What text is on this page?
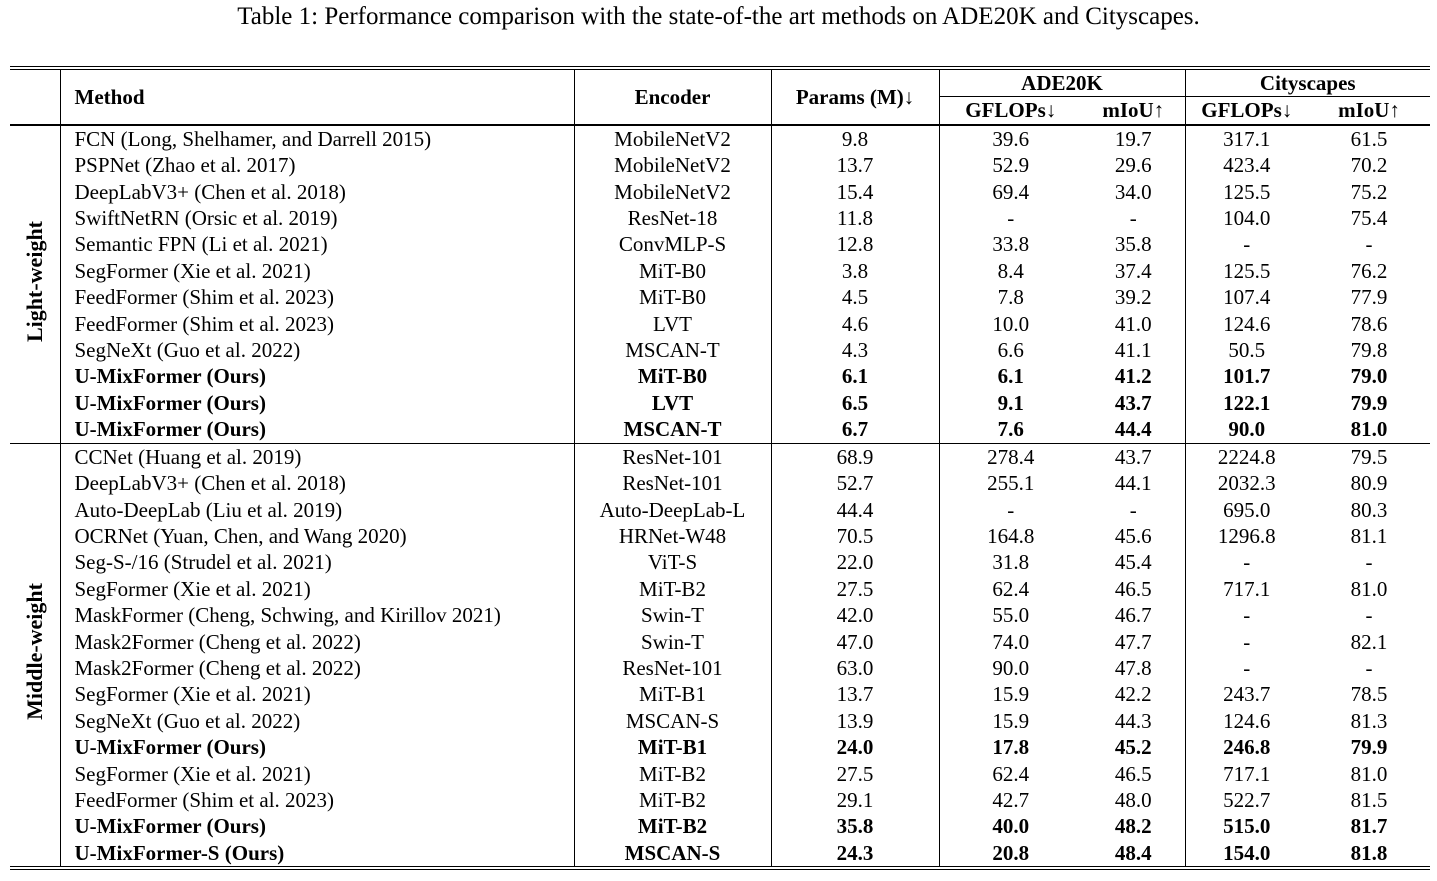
Table 1: Performance comparison with the state-of-the art methods on ADE20K and Cityscapes.
	Method	Encoder	Params (M)↓	ADE20K		Cityscapes	
				GFLOPs↓	mIoU↑	GFLOPs↓	mIoU↑
Light-weight	FCN (Long, Shelhamer, and Darrell 2015)	MobileNetV2	9.8	39.6	19.7	317.1	61.5
	PSPNet (Zhao et al. 2017)	MobileNetV2	13.7	52.9	29.6	423.4	70.2
	DeepLabV3+ (Chen et al. 2018)	MobileNetV2	15.4	69.4	34.0	125.5	75.2
	SwiftNetRN (Orsic et al. 2019)	ResNet-18	11.8	-	-	104.0	75.4
	Semantic FPN (Li et al. 2021)	ConvMLP-S	12.8	33.8	35.8	-	-
	SegFormer (Xie et al. 2021)	MiT-B0	3.8	8.4	37.4	125.5	76.2
	FeedFormer (Shim et al. 2023)	MiT-B0	4.5	7.8	39.2	107.4	77.9
	FeedFormer (Shim et al. 2023)	LVT	4.6	10.0	41.0	124.6	78.6
	SegNeXt (Guo et al. 2022)	MSCAN-T	4.3	6.6	41.1	50.5	79.8
	U-MixFormer (Ours)	MiT-B0	6.1	6.1	41.2	101.7	79.0
	U-MixFormer (Ours)	LVT	6.5	9.1	43.7	122.1	79.9
	U-MixFormer (Ours)	MSCAN-T	6.7	7.6	44.4	90.0	81.0
Middle-weight	CCNet (Huang et al. 2019)	ResNet-101	68.9	278.4	43.7	2224.8	79.5
	DeepLabV3+ (Chen et al. 2018)	ResNet-101	52.7	255.1	44.1	2032.3	80.9
	Auto-DeepLab (Liu et al. 2019)	Auto-DeepLab-L	44.4	-	-	695.0	80.3
	OCRNet (Yuan, Chen, and Wang 2020)	HRNet-W48	70.5	164.8	45.6	1296.8	81.1
	Seg-S-/16 (Strudel et al. 2021)	ViT-S	22.0	31.8	45.4	-	-
	SegFormer (Xie et al. 2021)	MiT-B2	27.5	62.4	46.5	717.1	81.0
	MaskFormer (Cheng, Schwing, and Kirillov 2021)	Swin-T	42.0	55.0	46.7	-	-
	Mask2Former (Cheng et al. 2022)	Swin-T	47.0	74.0	47.7	-	82.1
	Mask2Former (Cheng et al. 2022)	ResNet-101	63.0	90.0	47.8	-	-
	SegFormer (Xie et al. 2021)	MiT-B1	13.7	15.9	42.2	243.7	78.5
	SegNeXt (Guo et al. 2022)	MSCAN-S	13.9	15.9	44.3	124.6	81.3
	U-MixFormer (Ours)	MiT-B1	24.0	17.8	45.2	246.8	79.9
	SegFormer (Xie et al. 2021)	MiT-B2	27.5	62.4	46.5	717.1	81.0
	FeedFormer (Shim et al. 2023)	MiT-B2	29.1	42.7	48.0	522.7	81.5
	U-MixFormer (Ours)	MiT-B2	35.8	40.0	48.2	515.0	81.7
	U-MixFormer-S (Ours)	MSCAN-S	24.3	20.8	48.4	154.0	81.8
